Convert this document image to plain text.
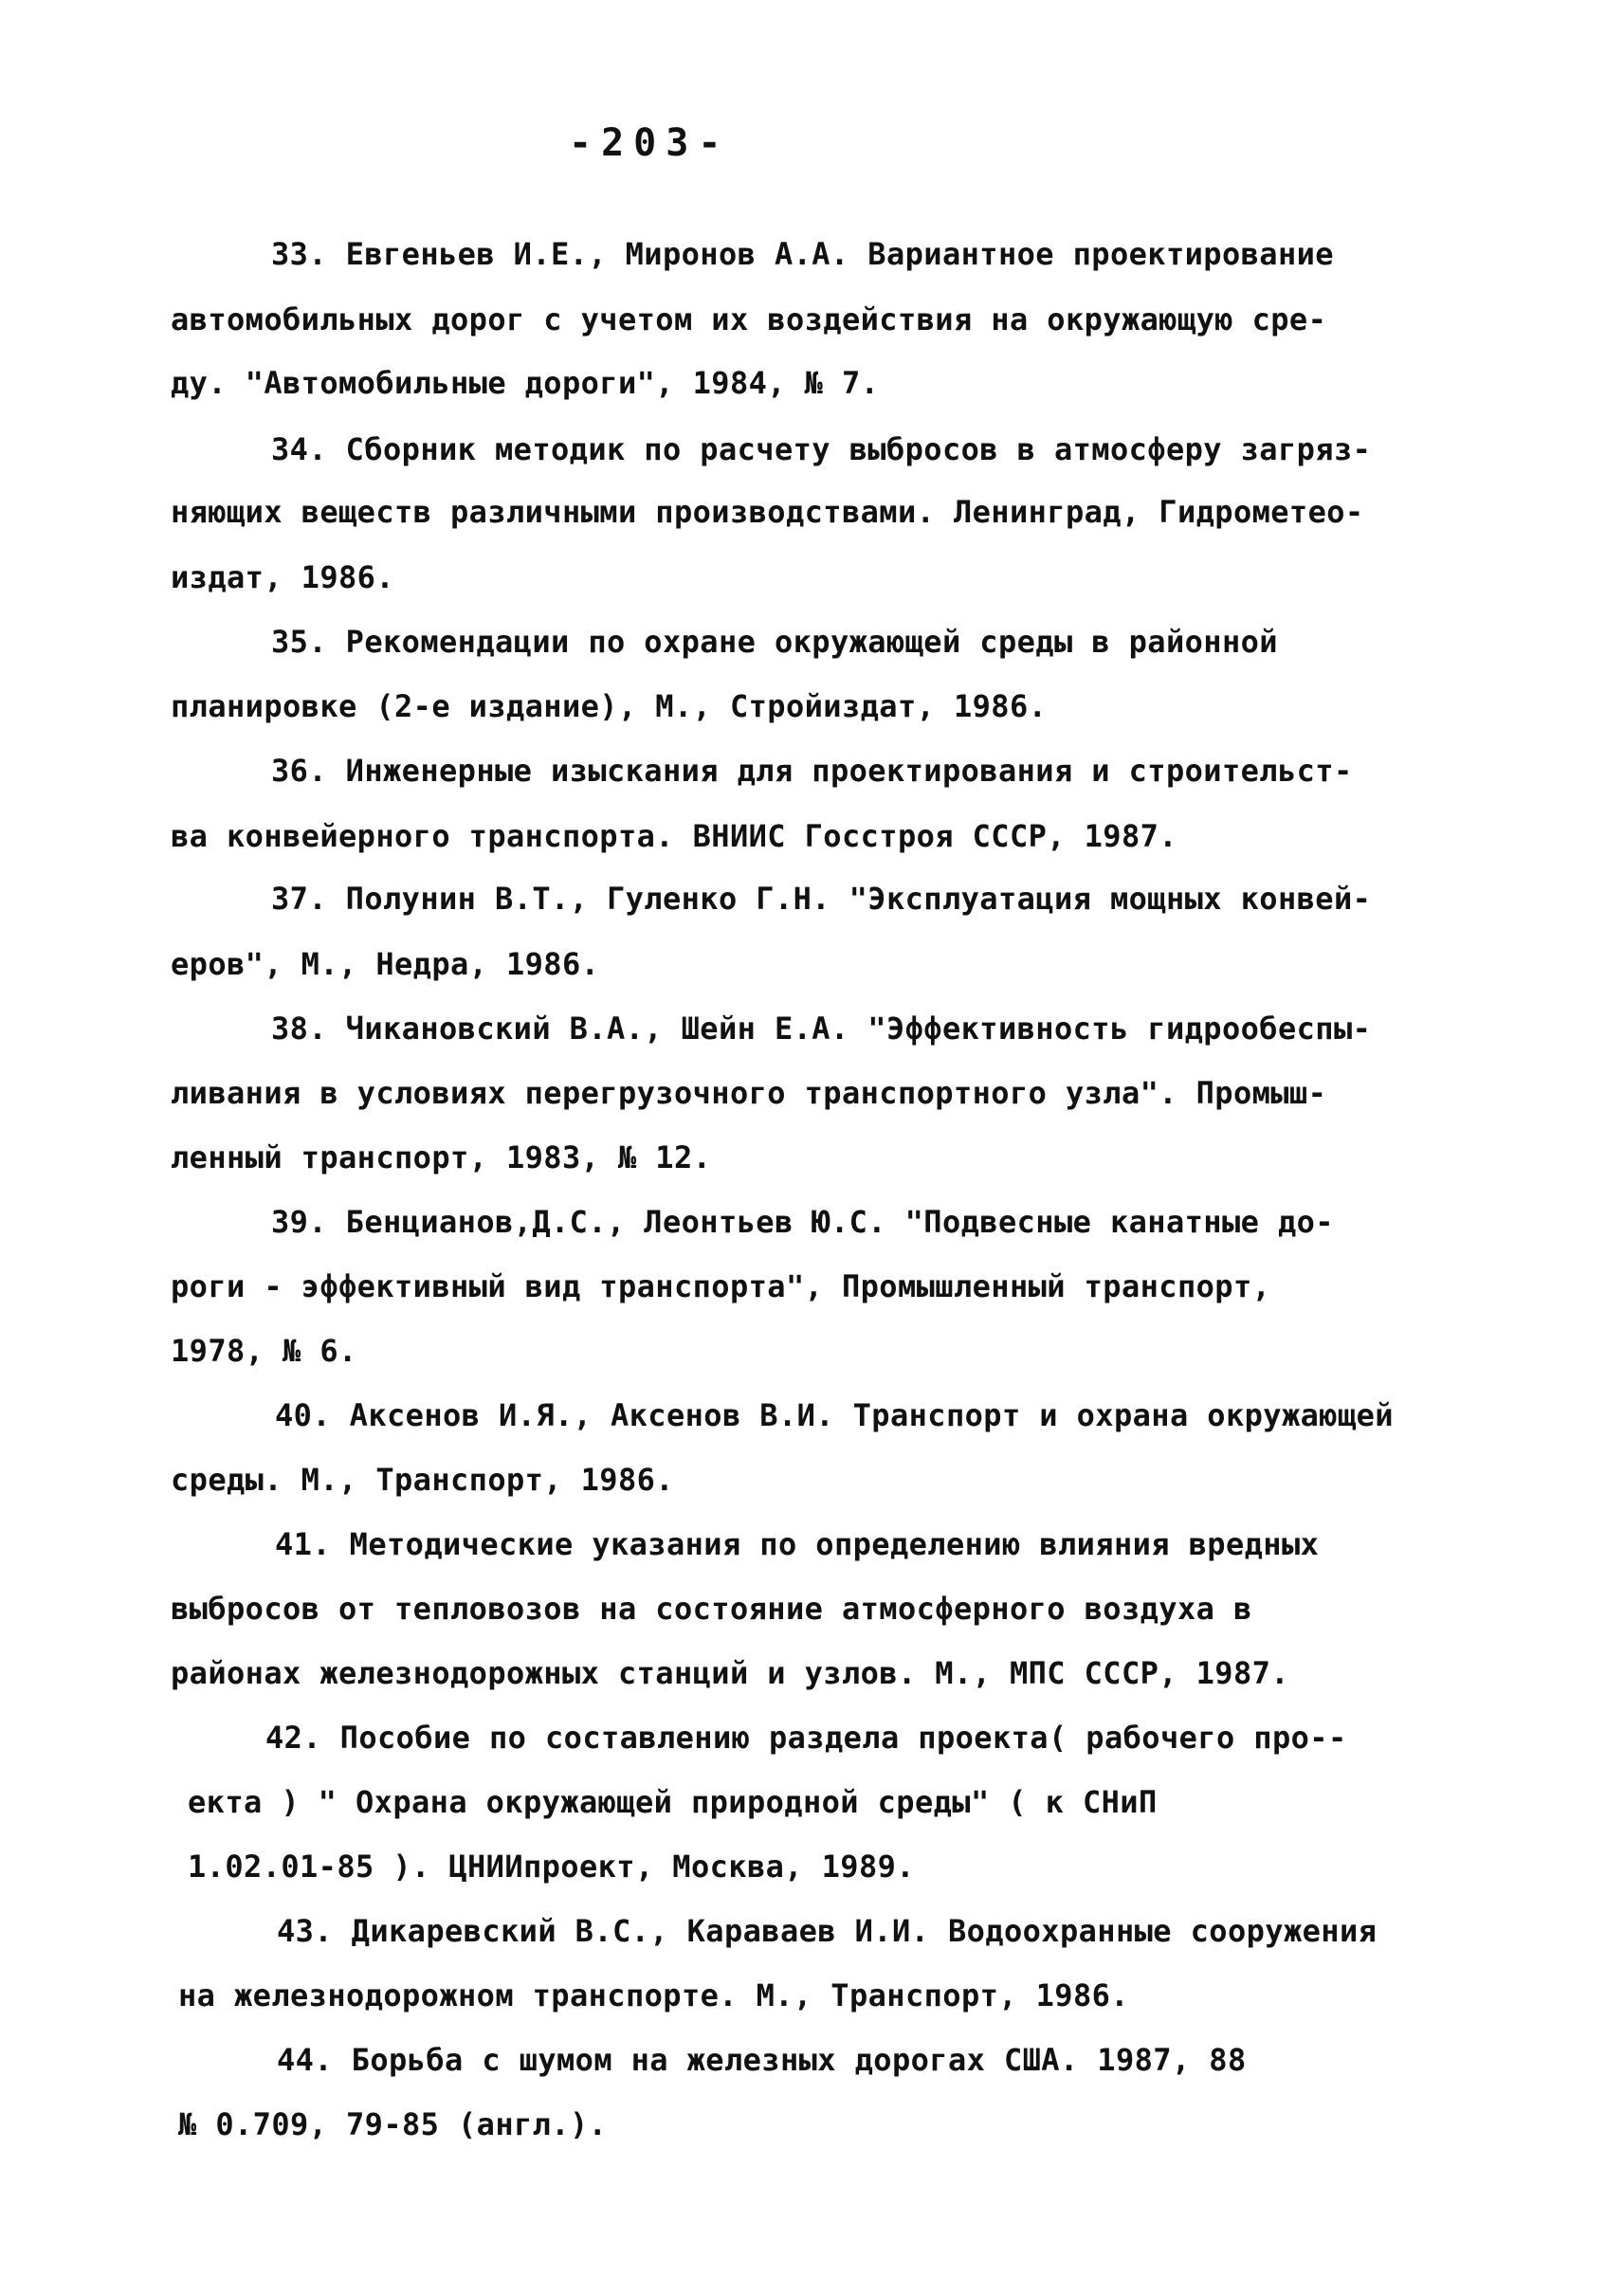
-203-
33. Евгеньев И.Е., Миронов А.А. Вариантное проектирование
автомобильных дорог с учетом их воздействия на окружающую сре-
ду. "Автомобильные дороги", 1984, № 7.
34. Сборник методик по расчету выбросов в атмосферу загряз-
няющих веществ различными производствами. Ленинград, Гидрометео-
издат, 1986.
35. Рекомендации по охране окружающей среды в районной
планировке (2-е издание), М., Стройиздат, 1986.
36. Инженерные изыскания для проектирования и строительст-
ва конвейерного транспорта. ВНИИС Госстроя СССР, 1987.
37. Полунин В.Т., Гуленко Г.Н. "Эксплуатация мощных конвей-
еров", М., Недра, 1986.
38. Чикановский В.А., Шейн Е.А. "Эффективность гидрообеспы-
ливания в условиях перегрузочного транспортного узла". Промыш-
ленный транспорт, 1983, № 12.
39. Бенцианов,Д.С., Леонтьев Ю.С. "Подвесные канатные до-
роги - эффективный вид транспорта", Промышленный транспорт,
1978, № 6.
40. Аксенов И.Я., Аксенов В.И. Транспорт и охрана окружающей
среды. М., Транспорт, 1986.
41. Методические указания по определению влияния вредных
выбросов от тепловозов на состояние атмосферного воздуха в
районах железнодорожных станций и узлов. М., МПС СССР, 1987.
42. Пособие по составлению раздела проекта( рабочего про--
екта ) " Охрана окружающей природной среды" ( к СНиП
1.02.01-85 ). ЦНИИпроект, Москва, 1989.
43. Дикаревский В.С., Караваев И.И. Водоохранные сооружения
на железнодорожном транспорте. М., Транспорт, 1986.
44. Борьба с шумом на железных дорогах США. 1987, 88
№ 0.709, 79-85 (англ.).
